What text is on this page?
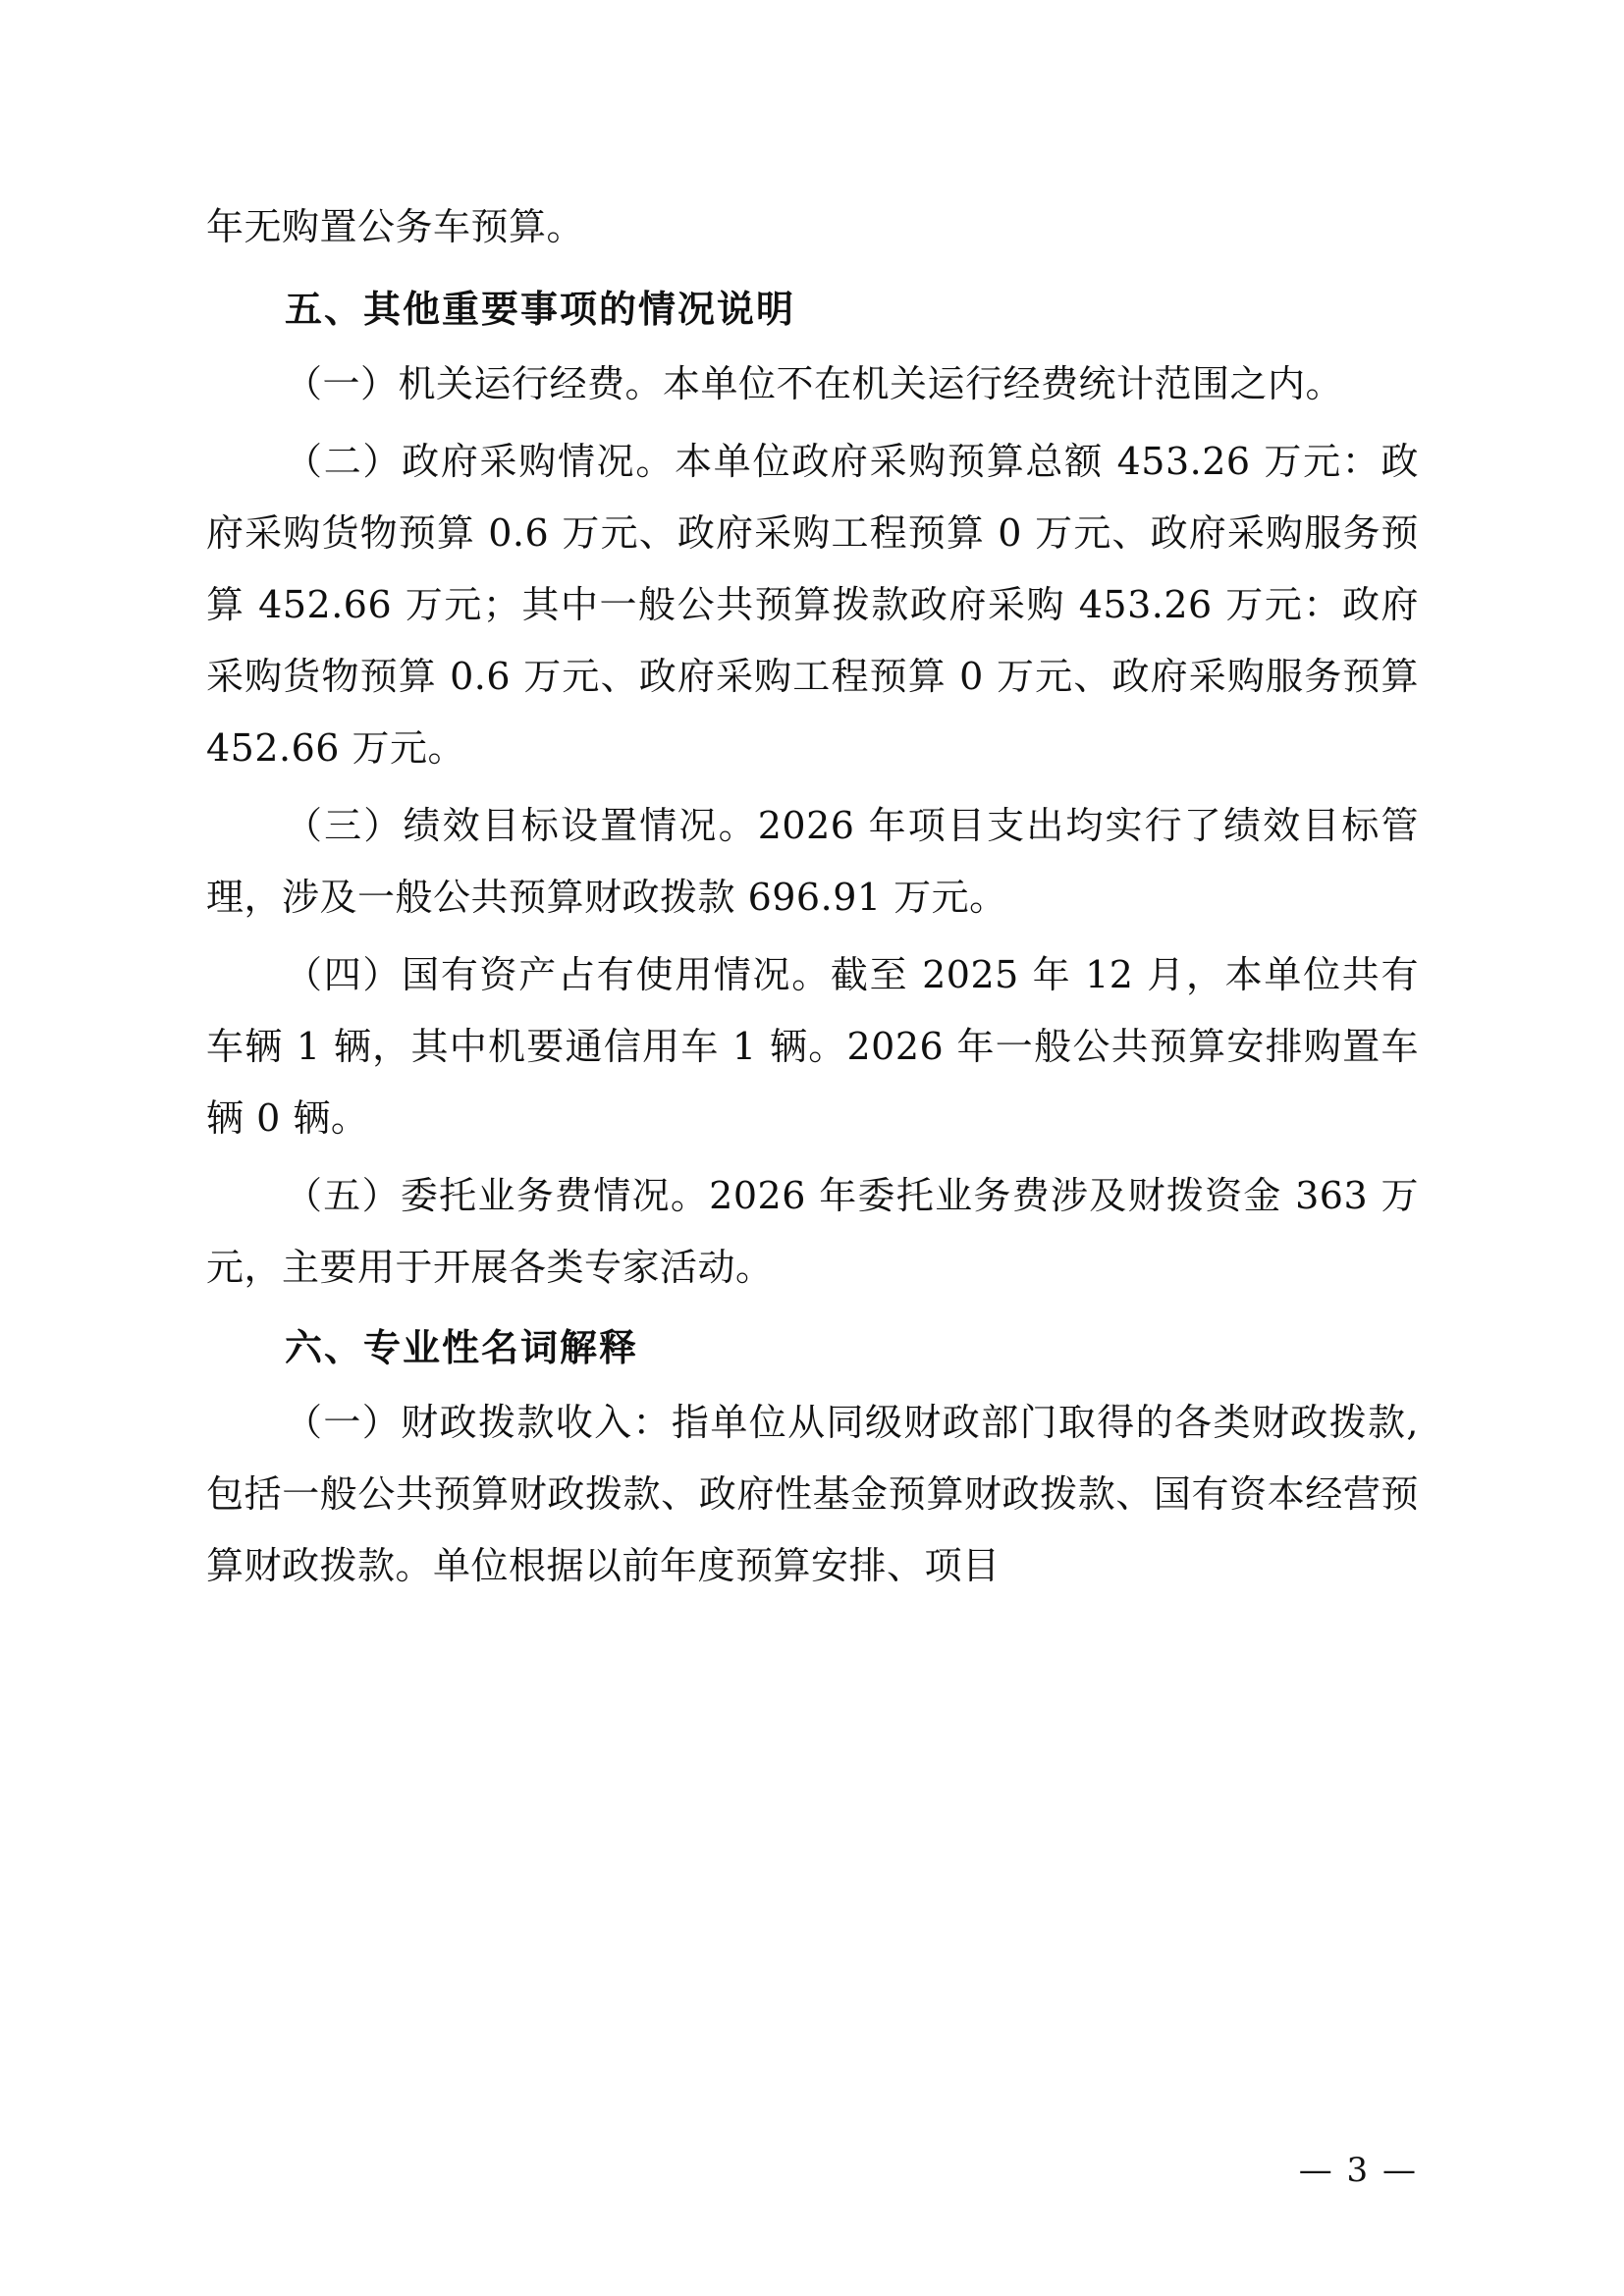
年无购置公务车预算。

五、其他重要事项的情况说明

（一）机关运行经费。本单位不在机关运行经费统计范围之内。

（二）政府采购情况。本单位政府采购预算总额 453.26 万元：政府采购货物预算 0.6 万元、政府采购工程预算 0 万元、政府采购服务预算 452.66 万元；其中一般公共预算拨款政府采购 453.26 万元：政府采购货物预算 0.6 万元、政府采购工程预算 0 万元、政府采购服务预算 452.66 万元。

（三）绩效目标设置情况。2026 年项目支出均实行了绩效目标管理，涉及一般公共预算财政拨款 696.91 万元。

（四）国有资产占有使用情况。截至 2025 年 12 月，本单位共有车辆 1 辆，其中机要通信用车 1 辆。2026 年一般公共预算安排购置车辆 0 辆。

（五）委托业务费情况。2026 年委托业务费涉及财拨资金 363 万元，主要用于开展各类专家活动。

六、专业性名词解释

（一）财政拨款收入：指单位从同级财政部门取得的各类财政拨款,包括一般公共预算财政拨款、政府性基金预算财政拨款、国有资本经营预算财政拨款。单位根据以前年度预算安排、项目

— 3 —
